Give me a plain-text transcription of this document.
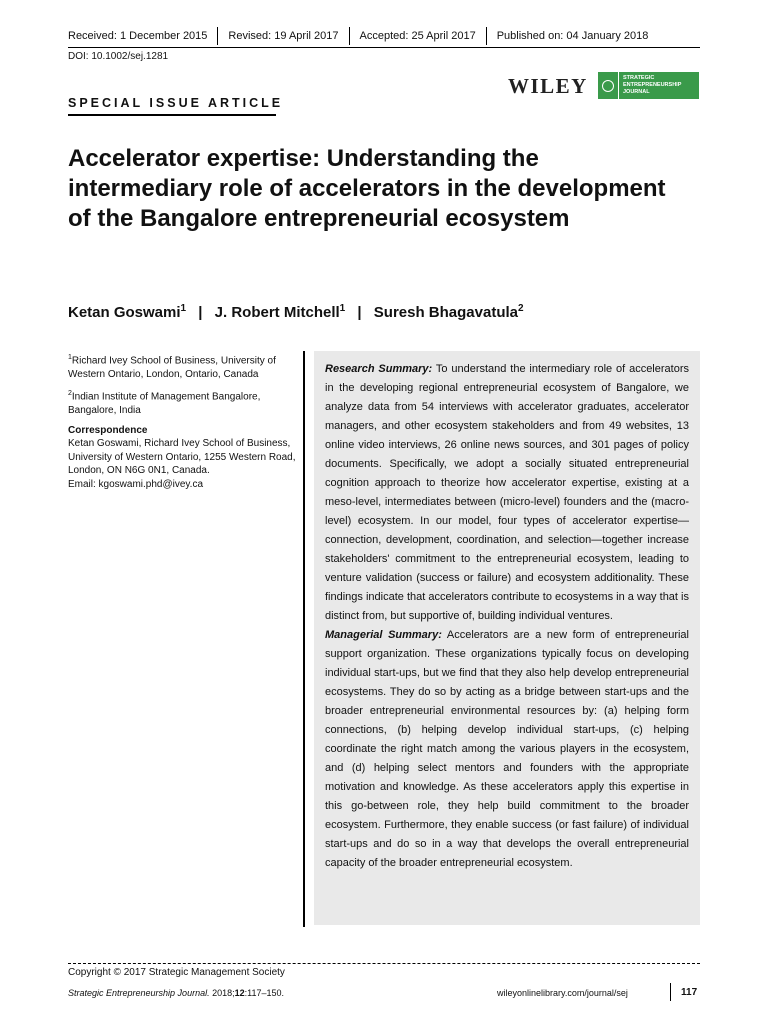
Received: 1 December 2015	Revised: 19 April 2017	Accepted: 25 April 2017	Published on: 04 January 2018
DOI: 10.1002/sej.1281
WILEY	STRATEGIC
ENTREPRENEURSHIP
JOURNAL
SPECIAL ISSUE ARTICLE
Accelerator expertise: Understanding the intermediary role of accelerators in the development of the Bangalore entrepreneurial ecosystem
Ketan Goswami$^1$ | J. Robert Mitchell$^1$ | Suresh Bhagavatula$^2$

$^1$Richard Ivey School of Business, University of Western Ontario, London, Ontario, Canada

$^2$Indian Institute of Management Bangalore, Bangalore, India

Correspondence

Ketan Goswami, Richard Ivey School of Business, University of Western Ontario, 1255 Western Road, London, ON N6G 0N1, Canada.

Email: kgoswami.phd@ivey.ca

Research Summary: To understand the intermediary role of accelerators in the developing regional entrepreneurial ecosystem of Bangalore, we analyze data from 54 interviews with accelerator graduates, accelerator managers, and other ecosystem stakeholders and from 49 websites, 13 online video interviews, 26 online news sources, and 301 pages of policy documents. Specifically, we adopt a socially situated entrepreneurial cognition approach to theorize how accelerator expertise, existing at a meso-level, intermediates between (micro-level) founders and the (macro-level) ecosystem. In our model, four types of accelerator expertise—connection, development, coordination, and selection—together increase stakeholders' commitment to the entrepreneurial ecosystem, leading to venture validation (success or failure) and ecosystem additionality. These findings indicate that accelerators contribute to ecosystems in a way that is distinct from, but supportive of, building individual ventures.

Managerial Summary: Accelerators are a new form of entrepreneurial support organization. These organizations typically focus on developing individual start-ups, but we find that they also help develop entrepreneurial ecosystems. They do so by acting as a bridge between start-ups and the broader entrepreneurial environmental resources by: (a) helping form connections, (b) helping develop individual start-ups, (c) helping coordinate the right match among the various players in the ecosystem, and (d) helping select mentors and founders with the appropriate motivation and knowledge. As these accelerators apply this expertise in this go-between role, they help build commitment to the broader ecosystem. Furthermore, they enable success (or fast failure) of individual start-ups and do so in a way that develops the overall entrepreneurial capacity of the broader entrepreneurial ecosystem.

Copyright © 2017 Strategic Management Society
Strategic Entrepreneurship Journal. 2018;12:117–150.	wileyonlinelibrary.com/journal/sej	117
